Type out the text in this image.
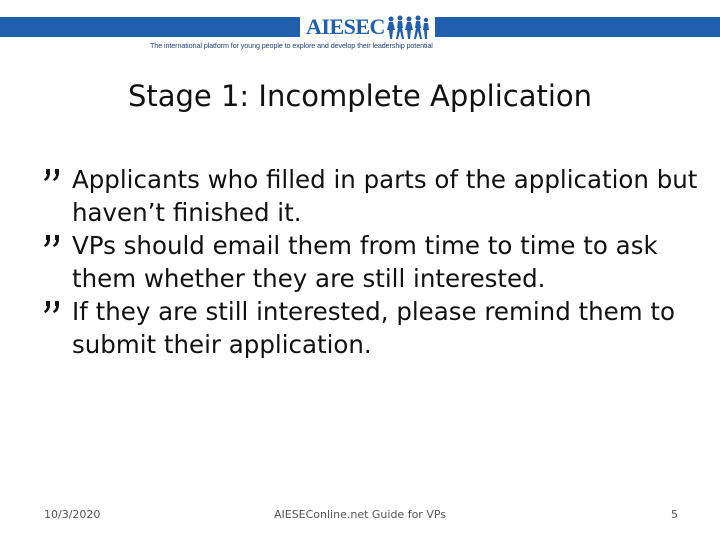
AIESEC
The international platform for young people to explore and develop their leadership potential
Stage 1: Incomplete Application
Applicants who filled in parts of the application but haven’t finished it.
VPs should email them from time to time to ask them whether they are still interested.
If they are still interested, please remind them to submit their application.
10/3/2020	AIESEConline.net Guide for VPs	5
